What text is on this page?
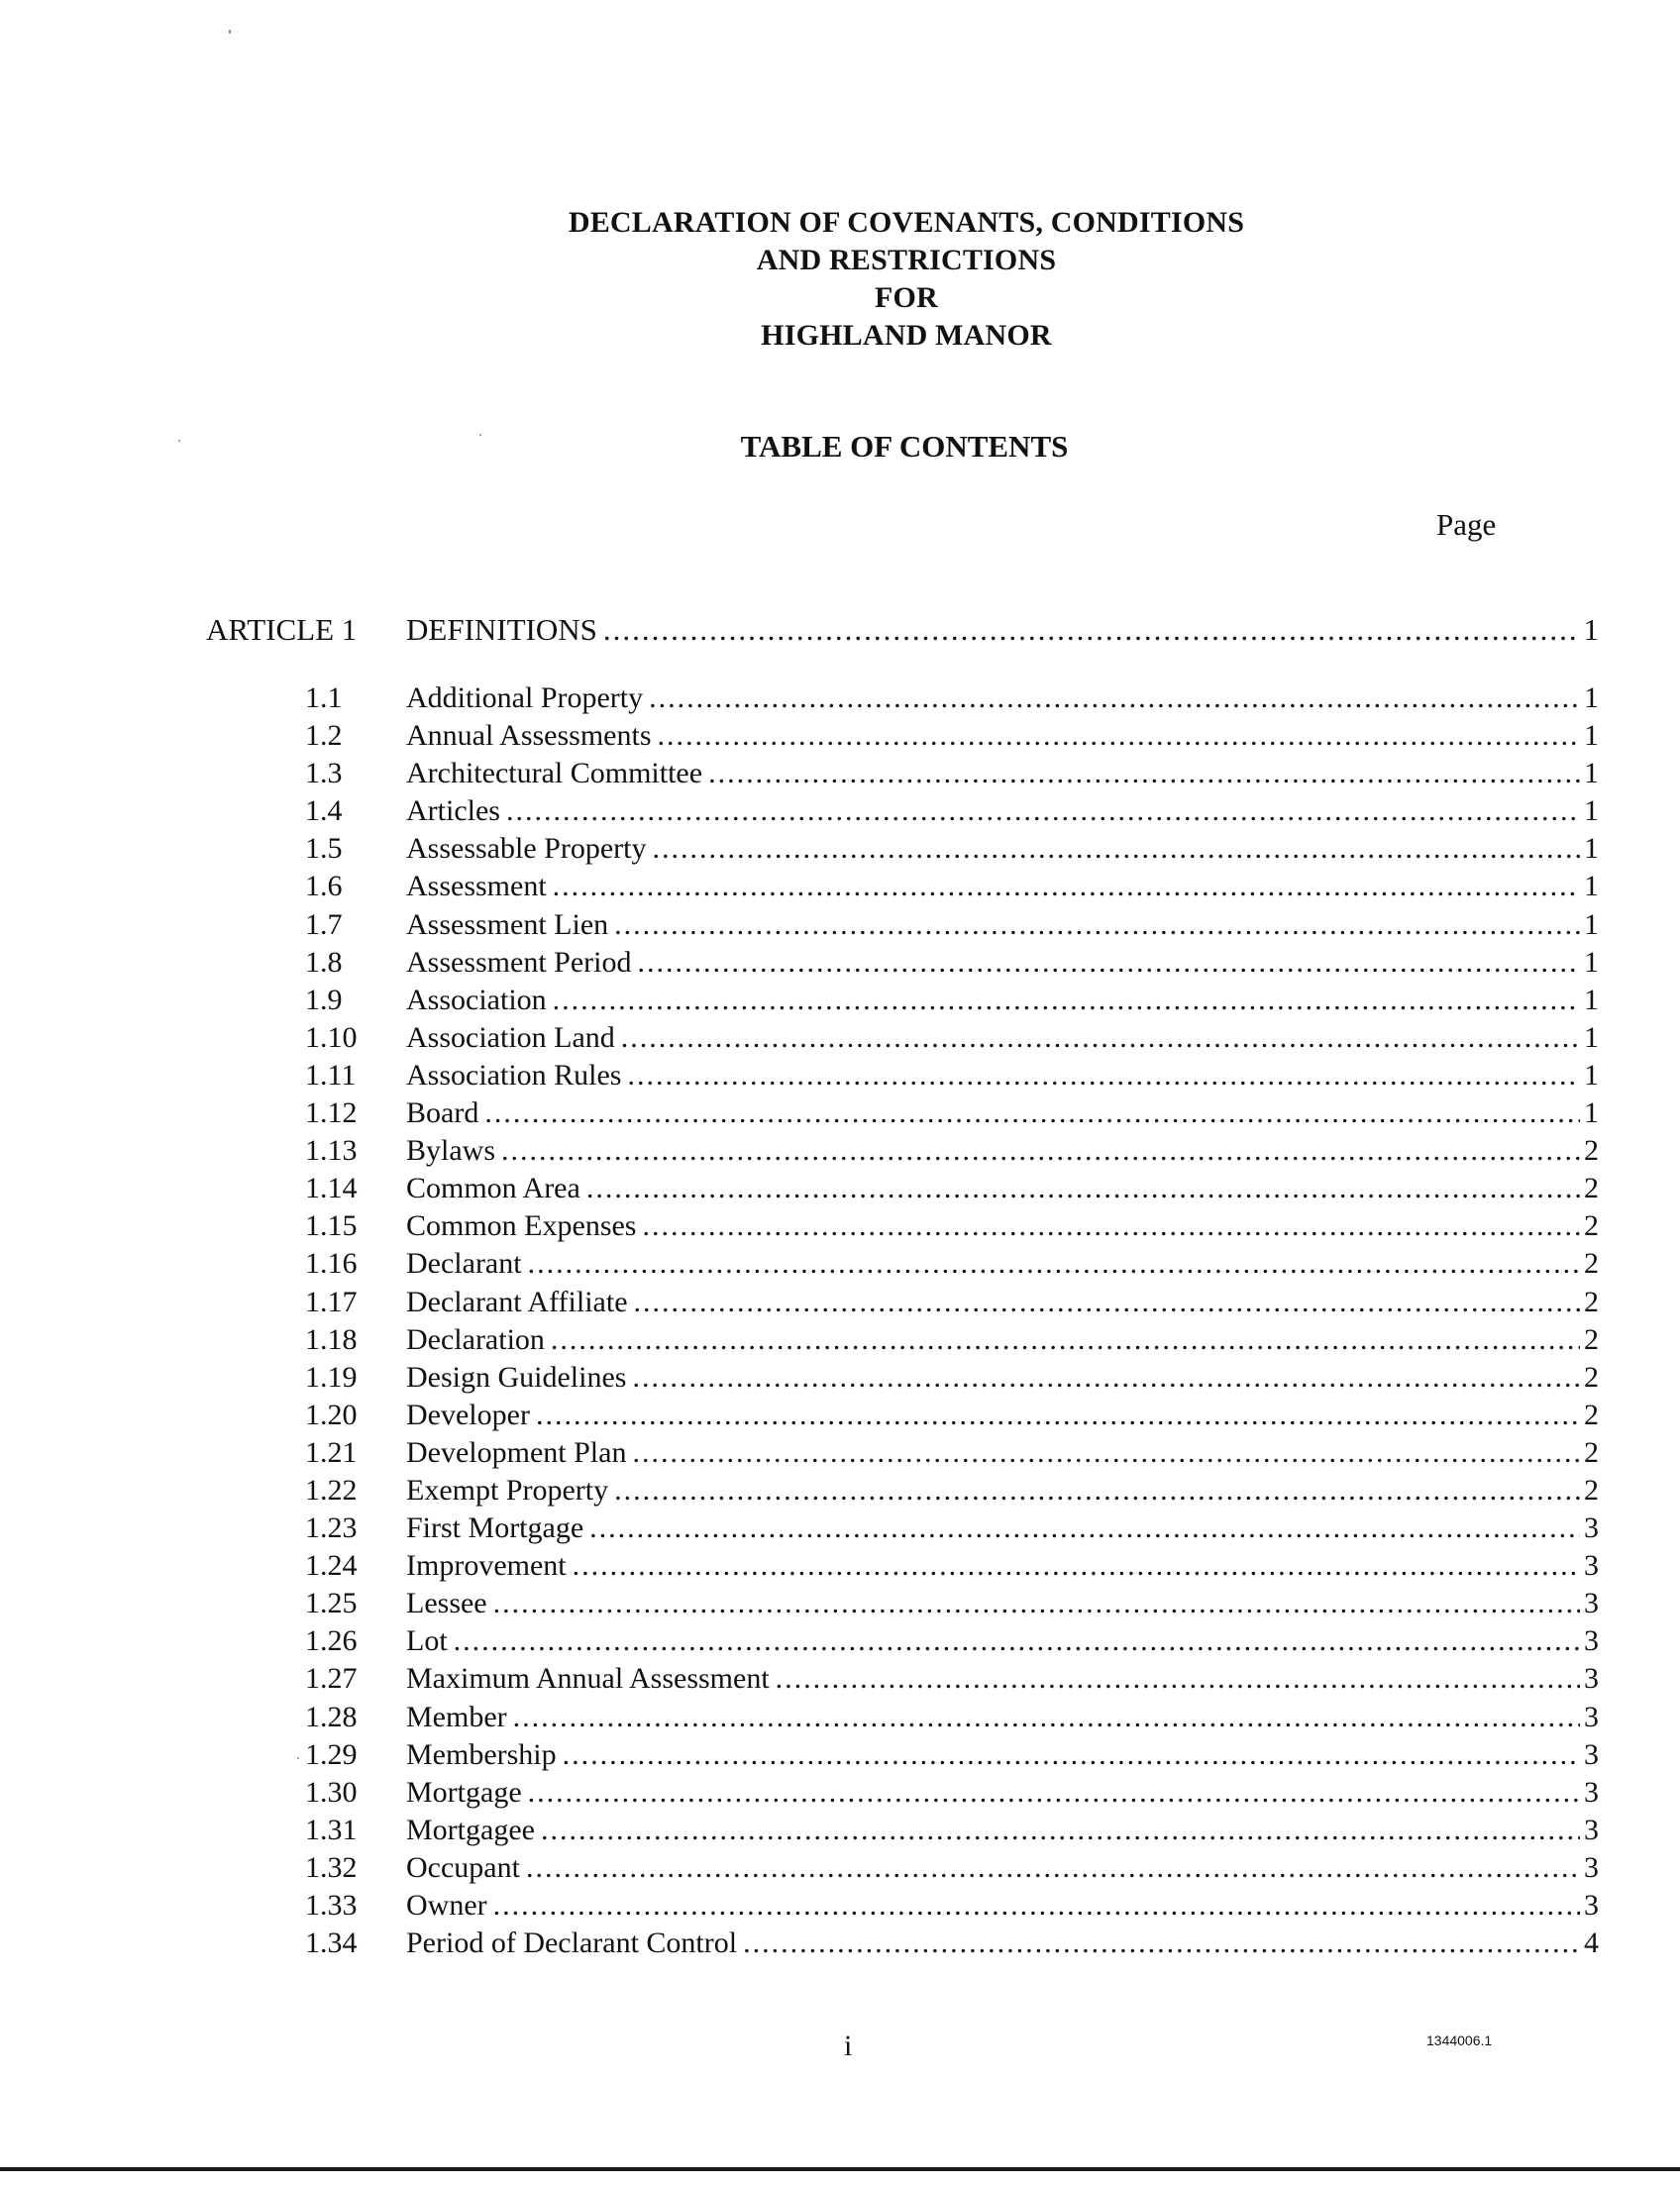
DECLARATION OF COVENANTS, CONDITIONS
AND RESTRICTIONS
FOR
HIGHLAND MANOR
TABLE OF CONTENTS
Page
ARTICLE 1 DEFINITIONS .....	1
1.1 Additional Property .....	1
1.2 Annual Assessments .....	1
1.3 Architectural Committee .....	1
1.4 Articles .....	1
1.5 Assessable Property .....	1
1.6 Assessment .....	1
1.7 Assessment Lien .....	1
1.8 Assessment Period .....	1
1.9 Association .....	1
1.10 Association Land .....	1
1.11 Association Rules .....	1
1.12 Board .....	1
1.13 Bylaws .....	2
1.14 Common Area .....	2
1.15 Common Expenses .....	2
1.16 Declarant .....	2
1.17 Declarant Affiliate .....	2
1.18 Declaration .....	2
1.19 Design Guidelines .....	2
1.20 Developer .....	2
1.21 Development Plan .....	2
1.22 Exempt Property .....	2
1.23 First Mortgage .....	3
1.24 Improvement .....	3
1.25 Lessee .....	3
1.26 Lot .....	3
1.27 Maximum Annual Assessment .....	3
1.28 Member .....	3
1.29 Membership .....	3
1.30 Mortgage .....	3
1.31 Mortgagee .....	3
1.32 Occupant .....	3
1.33 Owner .....	3
1.34 Period of Declarant Control .....	4
i	1344006.1
